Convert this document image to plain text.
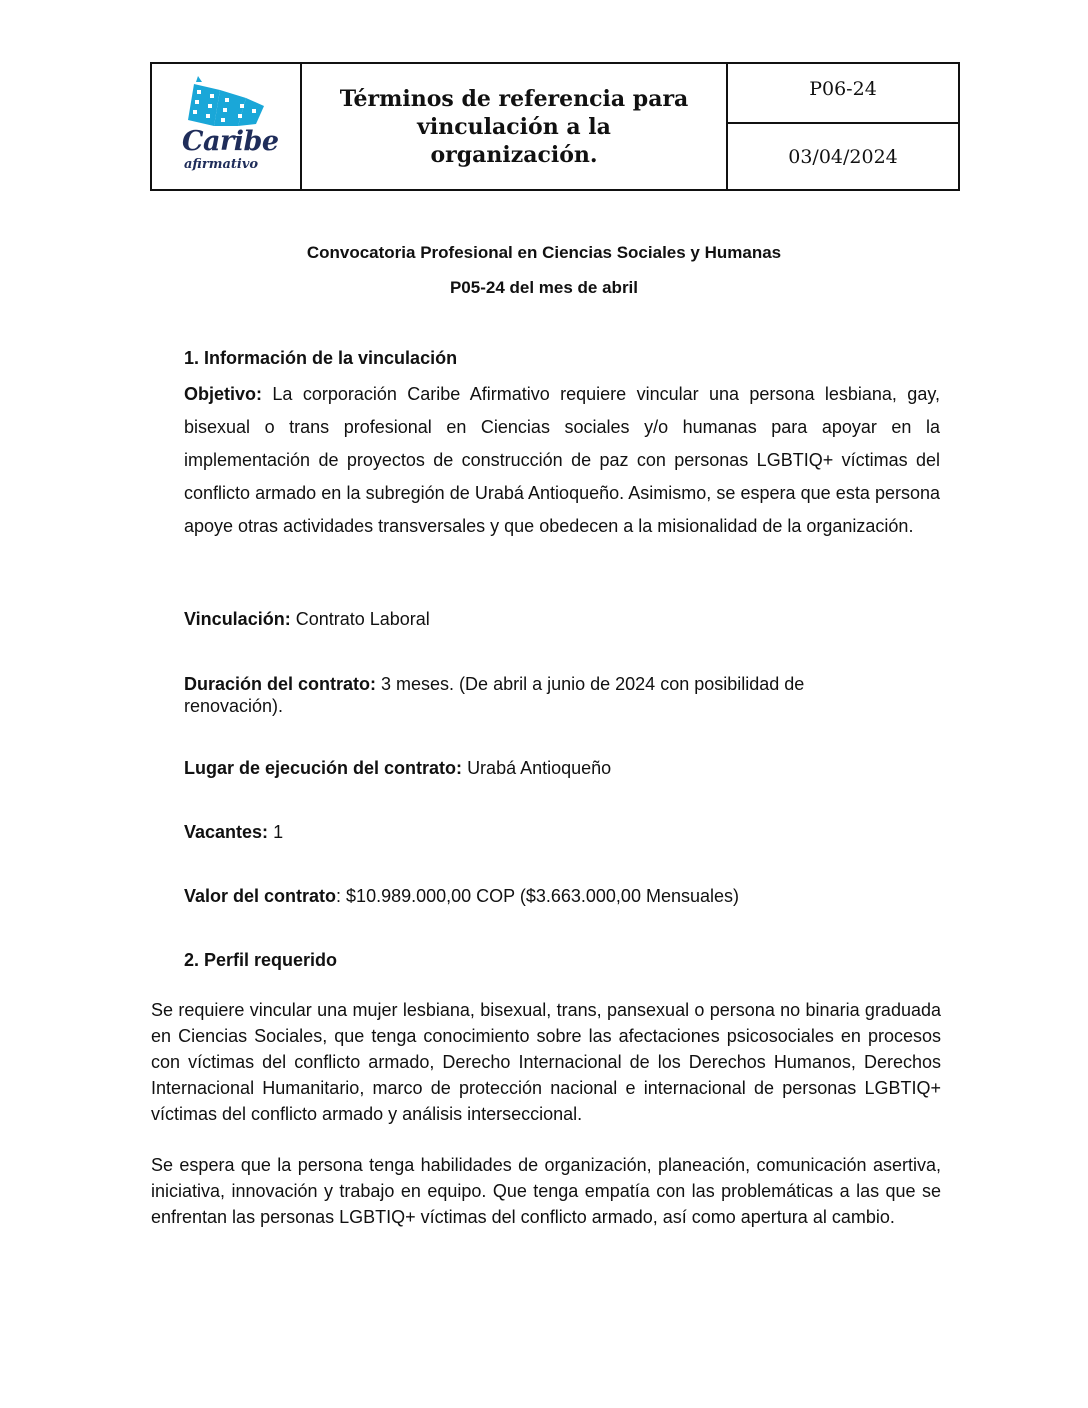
Caribe
afirmativo
Términos de referencia para vinculación a la organización.
P06-24
03/04/2024
Convocatoria Profesional en Ciencias Sociales y Humanas
P05-24 del mes de abril
1. Información de la vinculación
Objetivo: La corporación Caribe Afirmativo requiere vincular una persona lesbiana, gay, bisexual o trans profesional en Ciencias sociales y/o humanas para apoyar en la implementación de proyectos de construcción de paz con personas LGBTIQ+ víctimas del conflicto armado en la subregión de Urabá Antioqueño. Asimismo, se espera que esta persona apoye otras actividades transversales y que obedecen a la misionalidad de la organización.
Vinculación: Contrato Laboral
Duración del contrato: 3 meses. (De abril a junio de 2024 con posibilidad de renovación).
Lugar de ejecución del contrato: Urabá Antioqueño
Vacantes: 1
Valor del contrato: $10.989.000,00 COP ($3.663.000,00 Mensuales)
2. Perfil requerido
Se requiere vincular una mujer lesbiana, bisexual, trans, pansexual o persona no binaria graduada en Ciencias Sociales, que tenga conocimiento sobre las afectaciones psicosociales en procesos con víctimas del conflicto armado, Derecho Internacional de los Derechos Humanos, Derechos Internacional Humanitario, marco de protección nacional e internacional de personas LGBTIQ+ víctimas del conflicto armado y análisis interseccional.
Se espera que la persona tenga habilidades de organización, planeación, comunicación asertiva, iniciativa, innovación y trabajo en equipo. Que tenga empatía con las problemáticas a las que se enfrentan las personas LGBTIQ+ víctimas del conflicto armado, así como apertura al cambio.
